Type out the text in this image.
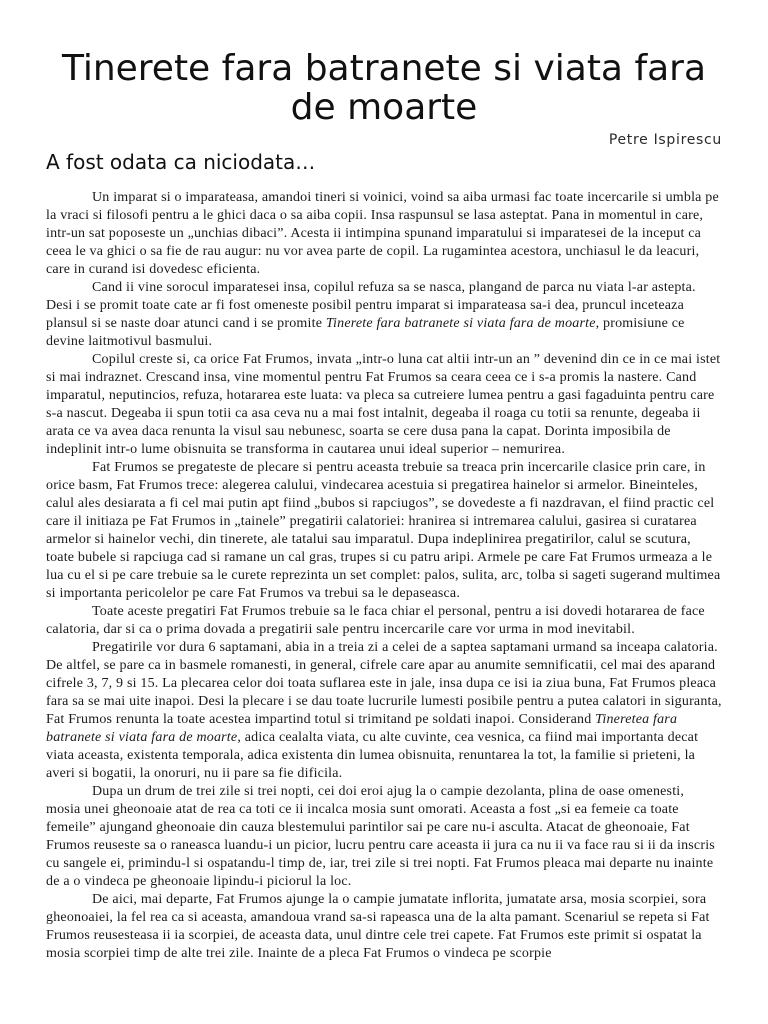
Tinerete fara batranete si viata fara de moarte
Petre Ispirescu
A fost odata ca niciodata…

Un imparat si o imparateasa, amandoi tineri si voinici, voind sa aiba urmasi fac toate incercarile si umbla pe la vraci si filosofi pentru a le ghici daca o sa aiba copii. Insa raspunsul se lasa asteptat. Pana in momentul in care, intr-un sat poposeste un „unchias dibaci”. Acesta ii intimpina spunand imparatului si imparatesei de la inceput ca ceea le va ghici o sa fie de rau augur: nu vor avea parte de copil. La rugamintea acestora, unchiasul le da leacuri, care in curand isi dovedesc eficienta.

Cand ii vine sorocul imparatesei insa, copilul refuza sa se nasca, plangand de parca nu viata l-ar astepta. Desi i se promit toate cate ar fi fost omeneste posibil pentru imparat si imparateasa sa-i dea, pruncul inceteaza plansul si se naste doar atunci cand i se promite Tinerete fara batranete si viata fara de moarte, promisiune ce devine laitmotivul basmului.

Copilul creste si, ca orice Fat Frumos, invata „intr-o luna cat altii intr-un an ” devenind din ce in ce mai istet si mai indraznet. Crescand insa, vine momentul pentru Fat Frumos sa ceara ceea ce i s-a promis la nastere. Cand imparatul, neputincios, refuza, hotararea este luata: va pleca sa cutreiere lumea pentru a gasi fagaduinta pentru care s-a nascut. Degeaba ii spun totii ca asa ceva nu a mai fost intalnit, degeaba il roaga cu totii sa renunte, degeaba ii arata ce va avea daca renunta la visul sau nebunesc, soarta se cere dusa pana la capat. Dorinta imposibila de indeplinit intr-o lume obisnuita se transforma in cautarea unui ideal superior – nemurirea.

Fat Frumos se pregateste de plecare si pentru aceasta trebuie sa treaca prin incercarile clasice prin care, in orice basm, Fat Frumos trece: alegerea calului, vindecarea acestuia si pregatirea hainelor si armelor. Bineinteles, calul ales desiarata a fi cel mai putin apt fiind „bubos si rapciugos”, se dovedeste a fi nazdravan, el fiind practic cel care il initiaza pe Fat Frumos in „tainele” pregatirii calatoriei: hranirea si intremarea calului, gasirea si curatarea armelor si hainelor vechi, din tinerete, ale tatalui sau imparatul. Dupa indeplinirea pregatirilor, calul se scutura, toate bubele si rapciuga cad si ramane un cal gras, trupes si cu patru aripi. Armele pe care Fat Frumos urmeaza a le lua cu el si pe care trebuie sa le curete reprezinta un set complet: palos, sulita, arc, tolba si sageti sugerand multimea si importanta pericolelor pe care Fat Frumos va trebui sa le depaseasca.

Toate aceste pregatiri Fat Frumos trebuie sa le faca chiar el personal, pentru a isi dovedi hotararea de face calatoria, dar si ca o prima dovada a pregatirii sale pentru incercarile care vor urma in mod inevitabil.

Pregatirile vor dura 6 saptamani, abia in a treia zi a celei de a saptea saptamani urmand sa inceapa calatoria. De altfel, se pare ca in basmele romanesti, in general, cifrele care apar au anumite semnificatii, cel mai des aparand cifrele 3, 7, 9 si 15. La plecarea celor doi toata suflarea este in jale, insa dupa ce isi ia ziua buna, Fat Frumos pleaca fara sa se mai uite inapoi. Desi la plecare i se dau toate lucrurile lumesti posibile pentru a putea calatori in siguranta, Fat Frumos renunta la toate acestea impartind totul si trimitand pe soldati inapoi. Considerand Tineretea fara batranete si viata fara de moarte, adica cealalta viata, cu alte cuvinte, cea vesnica, ca fiind mai importanta decat viata aceasta, existenta temporala, adica existenta din lumea obisnuita, renuntarea la tot, la familie si prieteni, la averi si bogatii, la onoruri, nu ii pare sa fie dificila.

Dupa un drum de trei zile si trei nopti, cei doi eroi ajug la o campie dezolanta, plina de oase omenesti, mosia unei gheonoaie atat de rea ca toti ce ii incalca mosia sunt omorati. Aceasta a fost „si ea femeie ca toate femeile” ajungand gheonoaie din cauza blestemului parintilor sai pe care nu-i asculta. Atacat de gheonoaie, Fat Frumos reuseste sa o raneasca luandu-i un picior, lucru pentru care aceasta ii jura ca nu ii va face rau si ii da inscris cu sangele ei, primindu-l si ospatandu-l timp de, iar, trei zile si trei nopti. Fat Frumos pleaca mai departe nu inainte de a o vindeca pe gheonoaie lipindu-i piciorul la loc.

De aici, mai departe, Fat Frumos ajunge la o campie jumatate inflorita, jumatate arsa, mosia scorpiei, sora gheonoaiei, la fel rea ca si aceasta, amandoua vrand sa-si rapeasca una de la alta pamant. Scenariul se repeta si Fat Frumos reusesteasa ii ia scorpiei, de aceasta data, unul dintre cele trei capete. Fat Frumos este primit si ospatat la mosia scorpiei timp de alte trei zile. Inainte de a pleca Fat Frumos o vindeca pe scorpie
